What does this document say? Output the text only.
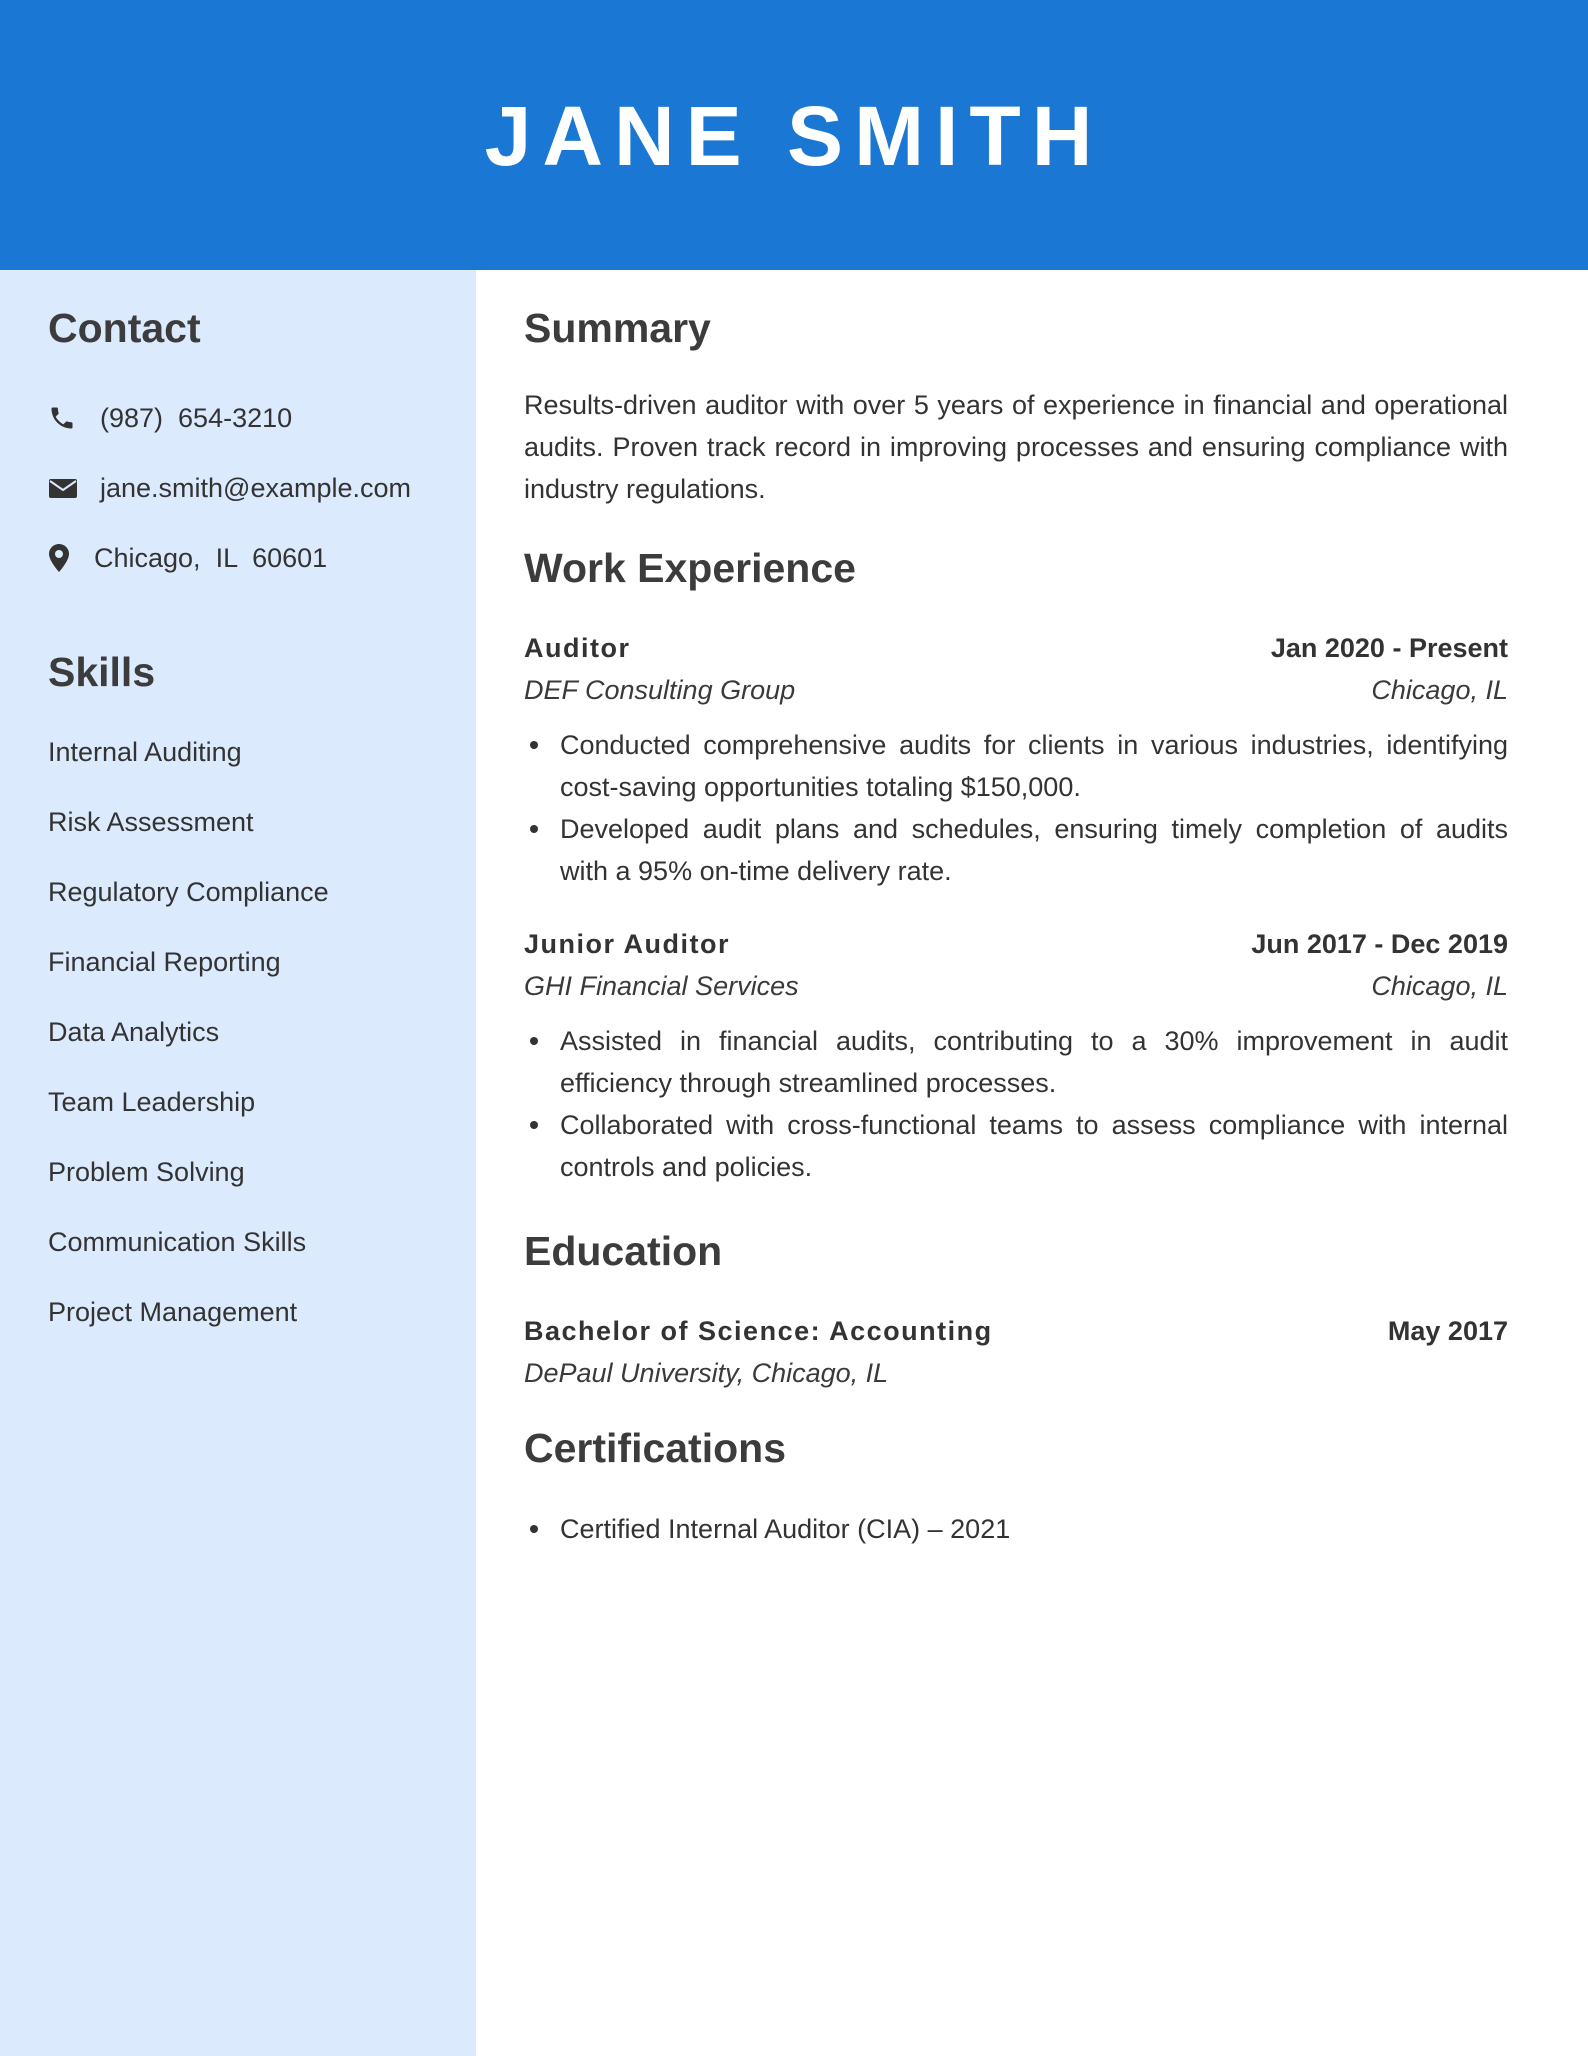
JANE SMITH
Contact
(987)  654-3210
jane.smith@example.com
Chicago,  IL  60601
Skills
Internal Auditing
Risk Assessment
Regulatory Compliance
Financial Reporting
Data Analytics
Team Leadership
Problem Solving
Communication Skills
Project Management
Summary

Results-driven auditor with over 5 years of experience in financial and operational audits. Proven track record in improving processes and ensuring compliance with industry regulations.

Work Experience
Auditor	Jan 2020 - Present
DEF Consulting Group	Chicago, IL
Conducted comprehensive audits for clients in various industries, identifying cost-saving opportunities totaling $150,000.
Developed audit plans and schedules, ensuring timely completion of audits with a 95% on-time delivery rate.
Junior Auditor	Jun 2017 - Dec 2019
GHI Financial Services	Chicago, IL
Assisted in financial audits, contributing to a 30% improvement in audit efficiency through streamlined processes.
Collaborated with cross-functional teams to assess compliance with internal controls and policies.
Education
Bachelor of Science: Accounting	May 2017
DePaul University, Chicago, IL
Certifications
Certified Internal Auditor (CIA) – 2021
